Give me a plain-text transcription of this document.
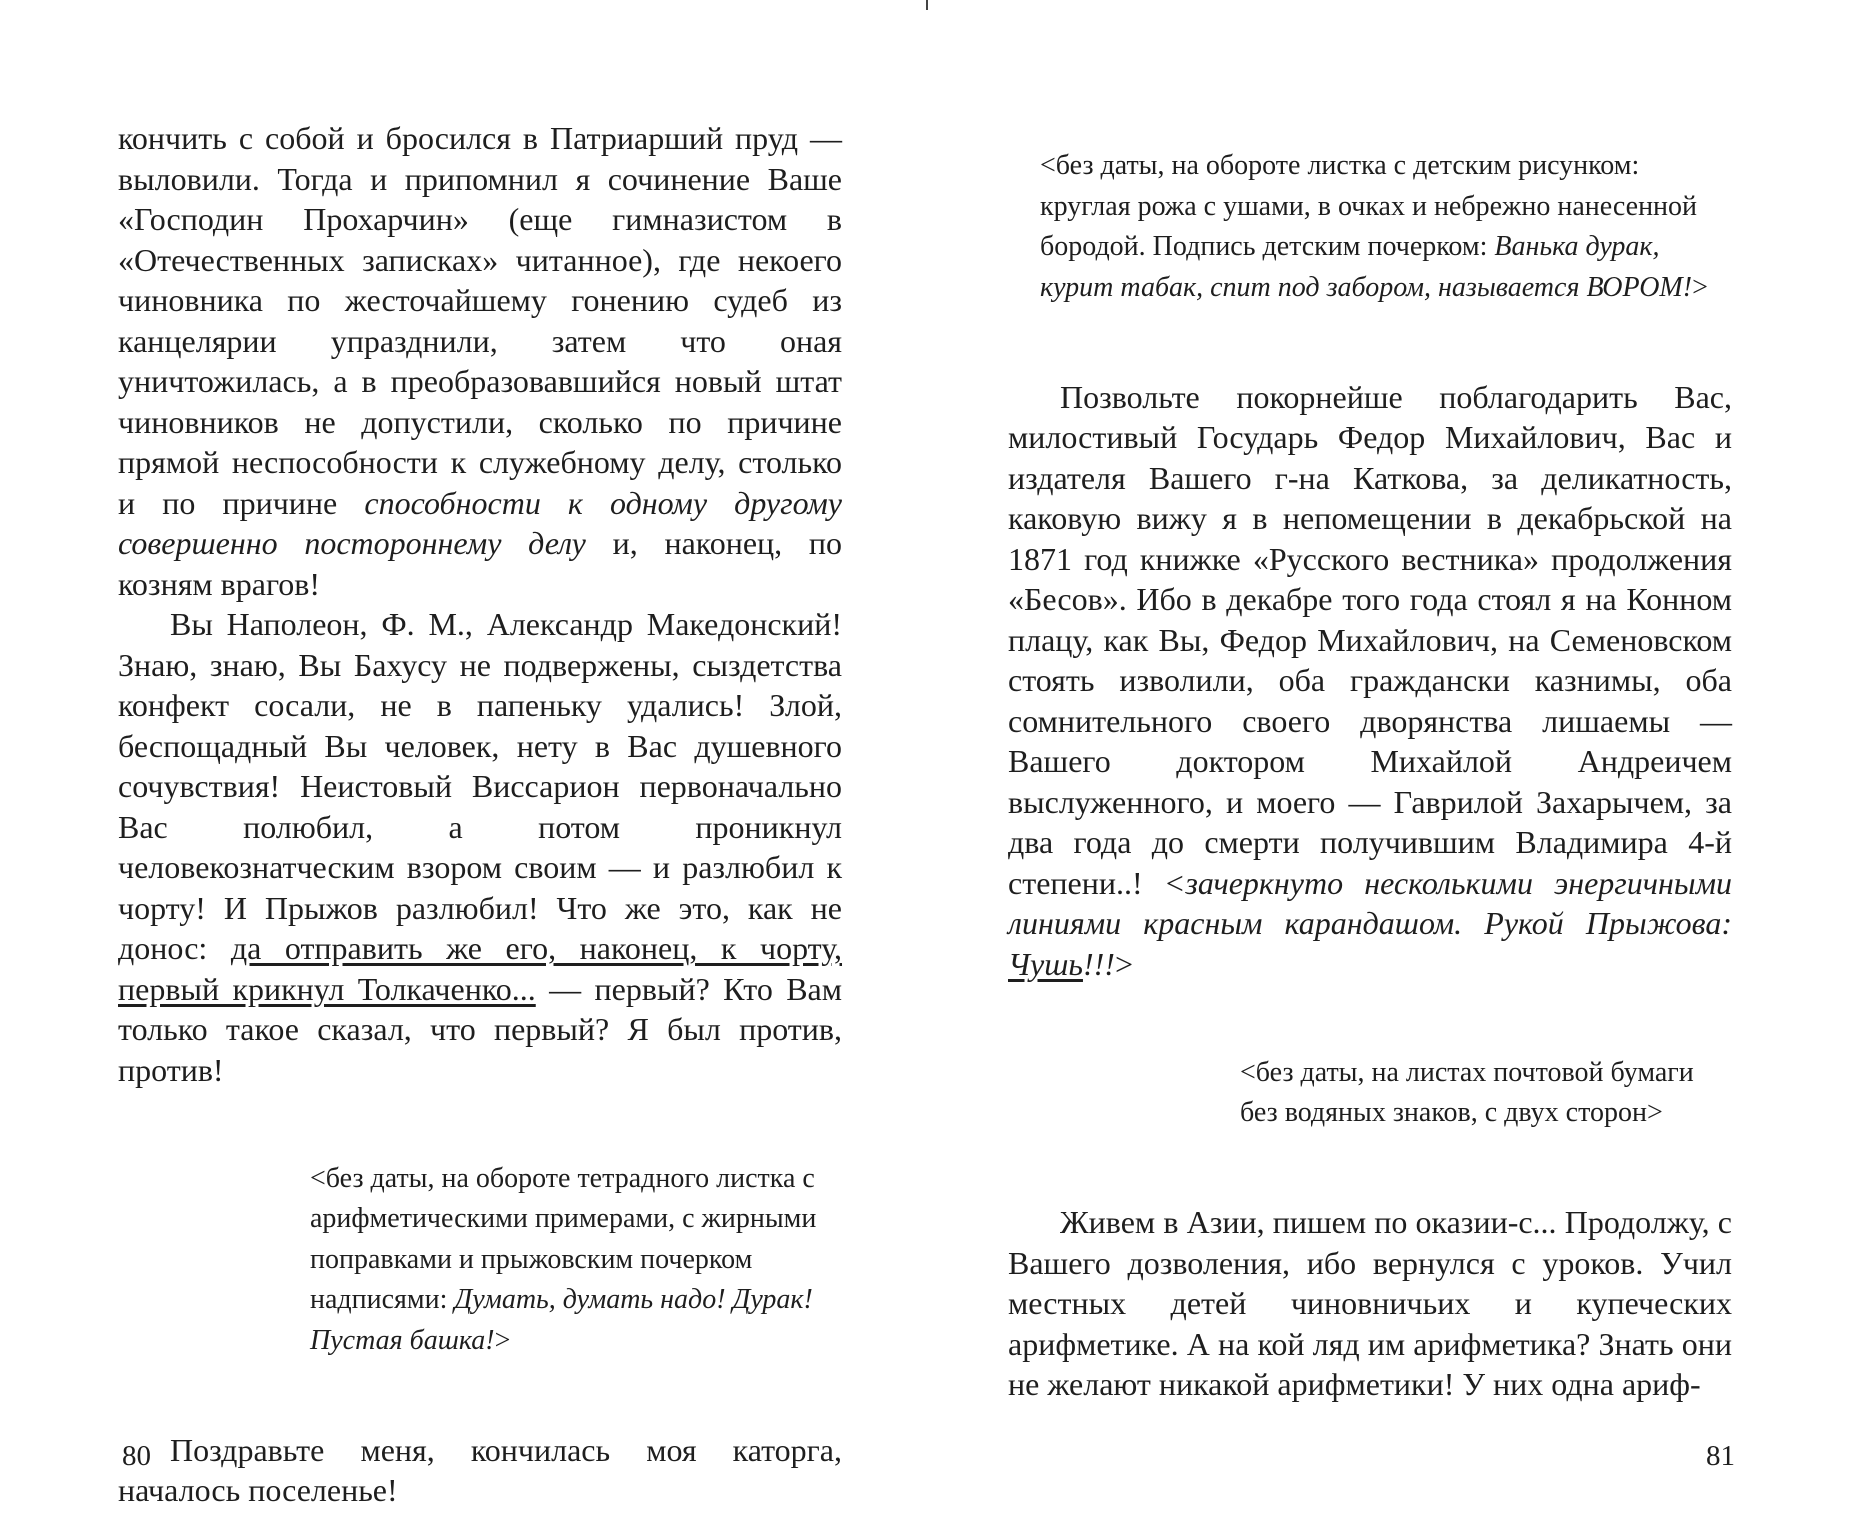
кончить с собой и бросился в Патриарший пруд — выловили. Тогда и припомнил я сочинение Ваше «Господин Прохарчин» (еще гимназистом в «Отечественных записках» читанное), где некоего чиновника по жесточайшему гонению судеб из канцелярии упразднили, затем что оная уничтожилась, а в преобразовавшийся новый штат чиновников не допустили, сколько по причине прямой неспособности к служебному делу, столько и по причине способности к одному другому совершенно постороннему делу и, наконец, по козням врагов!

Вы Наполеон, Ф. М., Александр Македонский! Знаю, знаю, Вы Бахусу не подвержены, сыздетства конфект сосали, не в папеньку удались! Злой, беспощадный Вы человек, нету в Вас душевного сочувствия! Неистовый Виссарион первоначально Вас полюбил, а потом проникнул человекознатческим взором своим — и разлюбил к чорту! И Прыжов разлюбил! Что же это, как не донос: да отправить же его, наконец, к чорту, первый крикнул Толкаченко... — первый? Кто Вам только такое сказал, что первый? Я был против, против!

<без даты, на обороте тетрадного листка с арифметическими примерами, с жирными поправками и прыжовским почерком надписями: Думать, думать надо! Дурак! Пустая башка!>

Поздравьте меня, кончилась моя каторга, началось поселенье!

80

<без даты, на обороте листка с детским рисунком: круглая рожа с ушами, в очках и небрежно нанесенной бородой. Подпись детским почерком: Ванька дурак, курит табак, спит под забором, называется ВОРОМ!>

Позвольте покорнейше поблагодарить Вас, милостивый Государь Федор Михайлович, Вас и издателя Вашего г-на Каткова, за деликатность, каковую вижу я в непомещении в декабрьской на 1871 год книжке «Русского вестника» продолжения «Бесов». Ибо в декабре того года стоял я на Конном плацу, как Вы, Федор Михайлович, на Семеновском стоять изволили, оба граждански казнимы, оба сомнительного своего дворянства лишаемы — Вашего доктором Михайлой Андреичем выслуженного, и моего — Гаврилой Захарычем, за два года до смерти получившим Владимира 4-й степени..! <зачеркнуто несколькими энергичными линиями красным карандашом. Рукой Прыжова: Чушь!!!>

<без даты, на листах почтовой бумаги без водяных знаков, с двух сторон>

Живем в Азии, пишем по оказии-с... Продолжу, с Вашего дозволения, ибо вернулся с уроков. Учил местных детей чиновничьих и купеческих арифметике. А на кой ляд им арифметика? Знать они не желают никакой арифметики! У них одна ариф-

81
